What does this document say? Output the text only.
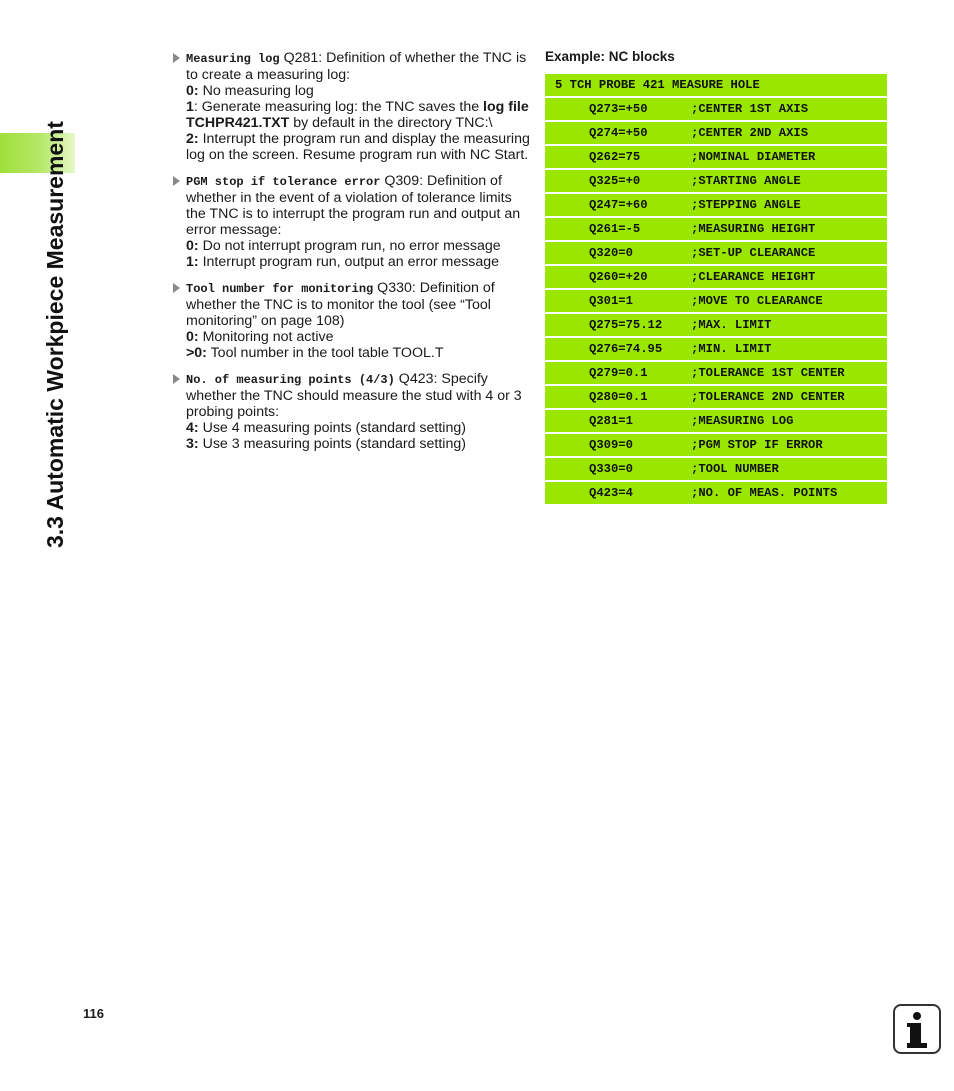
3.3 Automatic Workpiece Measurement
Measuring log Q281: Definition of whether the TNC is to create a measuring log:
0: No measuring log
1: Generate measuring log: the TNC saves the log file TCHPR421.TXT by default in the directory TNC:\
2: Interrupt the program run and display the measuring log on the screen. Resume program run with NC Start.
PGM stop if tolerance error Q309: Definition of whether in the event of a violation of tolerance limits the TNC is to interrupt the program run and output an error message:
0: Do not interrupt program run, no error message
1: Interrupt program run, output an error message
Tool number for monitoring Q330: Definition of whether the TNC is to monitor the tool (see “Tool monitoring” on page 108)
0: Monitoring not active
>0: Tool number in the tool table TOOL.T
No. of measuring points (4/3) Q423: Specify whether the TNC should measure the stud with 4 or 3 probing points:
4: Use 4 measuring points (standard setting)
3: Use 3 measuring points (standard setting)
Example: NC blocks
5 TCH PROBE 421 MEASURE HOLE
Q273=+50	;CENTER 1ST AXIS
Q274=+50	;CENTER 2ND AXIS
Q262=75	;NOMINAL DIAMETER
Q325=+0	;STARTING ANGLE
Q247=+60	;STEPPING ANGLE
Q261=-5	;MEASURING HEIGHT
Q320=0	;SET-UP CLEARANCE
Q260=+20	;CLEARANCE HEIGHT
Q301=1	;MOVE TO CLEARANCE
Q275=75.12 ;MAX. LIMIT
Q276=74.95 ;MIN. LIMIT
Q279=0.1	;TOLERANCE 1ST CENTER
Q280=0.1	;TOLERANCE 2ND CENTER
Q281=1	;MEASURING LOG
Q309=0	;PGM STOP IF ERROR
Q330=0	;TOOL NUMBER
Q423=4	;NO. OF MEAS. POINTS
116
